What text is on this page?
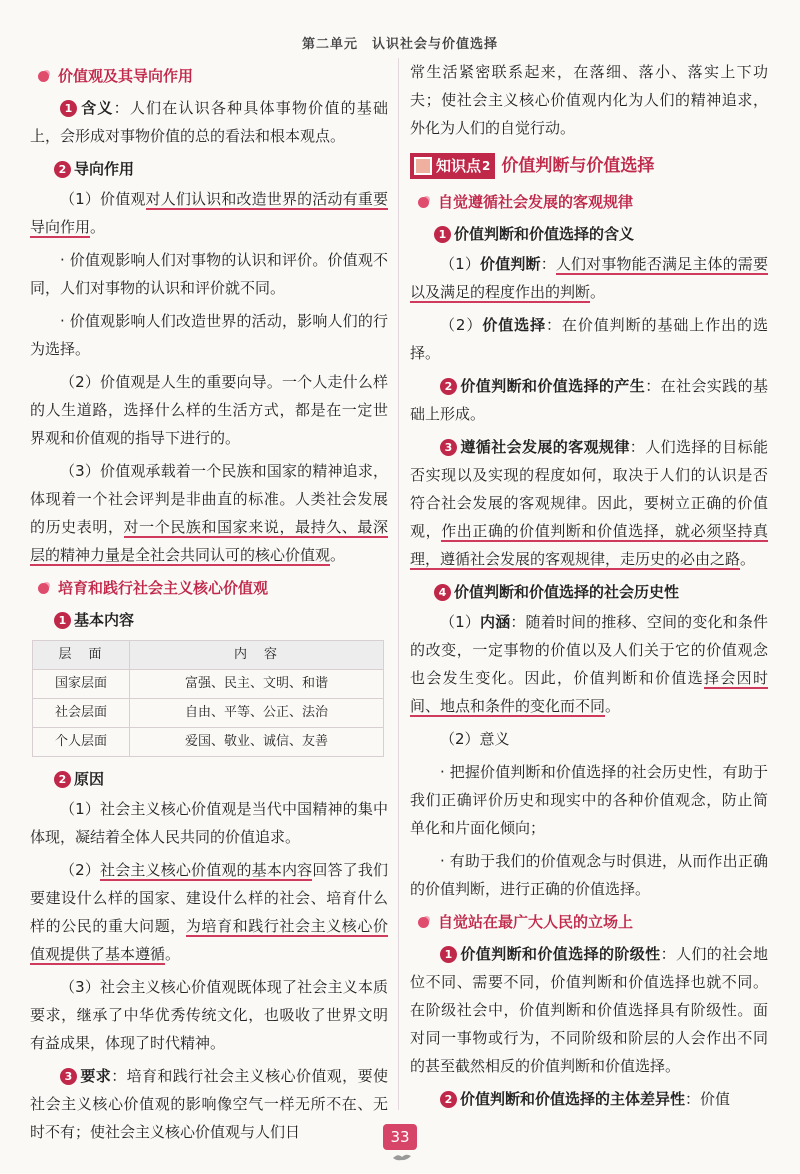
第二单元　认识社会与价值选择
价值观及其导向作用

1 含义：人们在认识各种具体事物价值的基础上，会形成对事物价值的总的看法和根本观点。

2 导向作用

（1）价值观对人们认识和改造世界的活动有重要导向作用。

· 价值观影响人们对事物的认识和评价。价值观不同，人们对事物的认识和评价就不同。

· 价值观影响人们改造世界的活动，影响人们的行为选择。

（2）价值观是人生的重要向导。一个人走什么样的人生道路，选择什么样的生活方式，都是在一定世界观和价值观的指导下进行的。

（3）价值观承载着一个民族和国家的精神追求，体现着一个社会评判是非曲直的标准。人类社会发展的历史表明，对一个民族和国家来说，最持久、最深层的精神力量是全社会共同认可的核心价值观。

培育和践行社会主义核心价值观
1 基本内容
层　面	内　容
国家层面	富强、民主、文明、和谐
社会层面	自由、平等、公正、法治
个人层面	爱国、敬业、诚信、友善
2 原因

（1）社会主义核心价值观是当代中国精神的集中体现，凝结着全体人民共同的价值追求。

（2）社会主义核心价值观的基本内容回答了我们要建设什么样的国家、建设什么样的社会、培育什么样的公民的重大问题，为培育和践行社会主义核心价值观提供了基本遵循。

（3）社会主义核心价值观既体现了社会主义本质要求，继承了中华优秀传统文化，也吸收了世界文明有益成果，体现了时代精神。

3 要求：培育和践行社会主义核心价值观，要使社会主义核心价值观的影响像空气一样无所不在、无时不有；使社会主义核心价值观与人们日

常生活紧密联系起来，在落细、落小、落实上下功夫；使社会主义核心价值观内化为人们的精神追求，外化为人们的自觉行动。

知识点 2 价值判断与价值选择
自觉遵循社会发展的客观规律
1 价值判断和价值选择的含义

（1）价值判断：人们对事物能否满足主体的需要以及满足的程度作出的判断。

（2）价值选择：在价值判断的基础上作出的选择。

2 价值判断和价值选择的产生：在社会实践的基础上形成。

3 遵循社会发展的客观规律：人们选择的目标能否实现以及实现的程度如何，取决于人们的认识是否符合社会发展的客观规律。因此，要树立正确的价值观，作出正确的价值判断和价值选择，就必须坚持真理，遵循社会发展的客观规律，走历史的必由之路。

4 价值判断和价值选择的社会历史性

（1）内涵：随着时间的推移、空间的变化和条件的改变，一定事物的价值以及人们关于它的价值观念也会发生变化。因此，价值判断和价值选择会因时间、地点和条件的变化而不同。

（2）意义

· 把握价值判断和价值选择的社会历史性，有助于我们正确评价历史和现实中的各种价值观念，防止简单化和片面化倾向；

· 有助于我们的价值观念与时俱进，从而作出正确的价值判断，进行正确的价值选择。

自觉站在最广大人民的立场上

1 价值判断和价值选择的阶级性：人们的社会地位不同、需要不同，价值判断和价值选择也就不同。在阶级社会中，价值判断和价值选择具有阶级性。面对同一事物或行为，不同阶级和阶层的人会作出不同的甚至截然相反的价值判断和价值选择。

2 价值判断和价值选择的主体差异性：价值

33
